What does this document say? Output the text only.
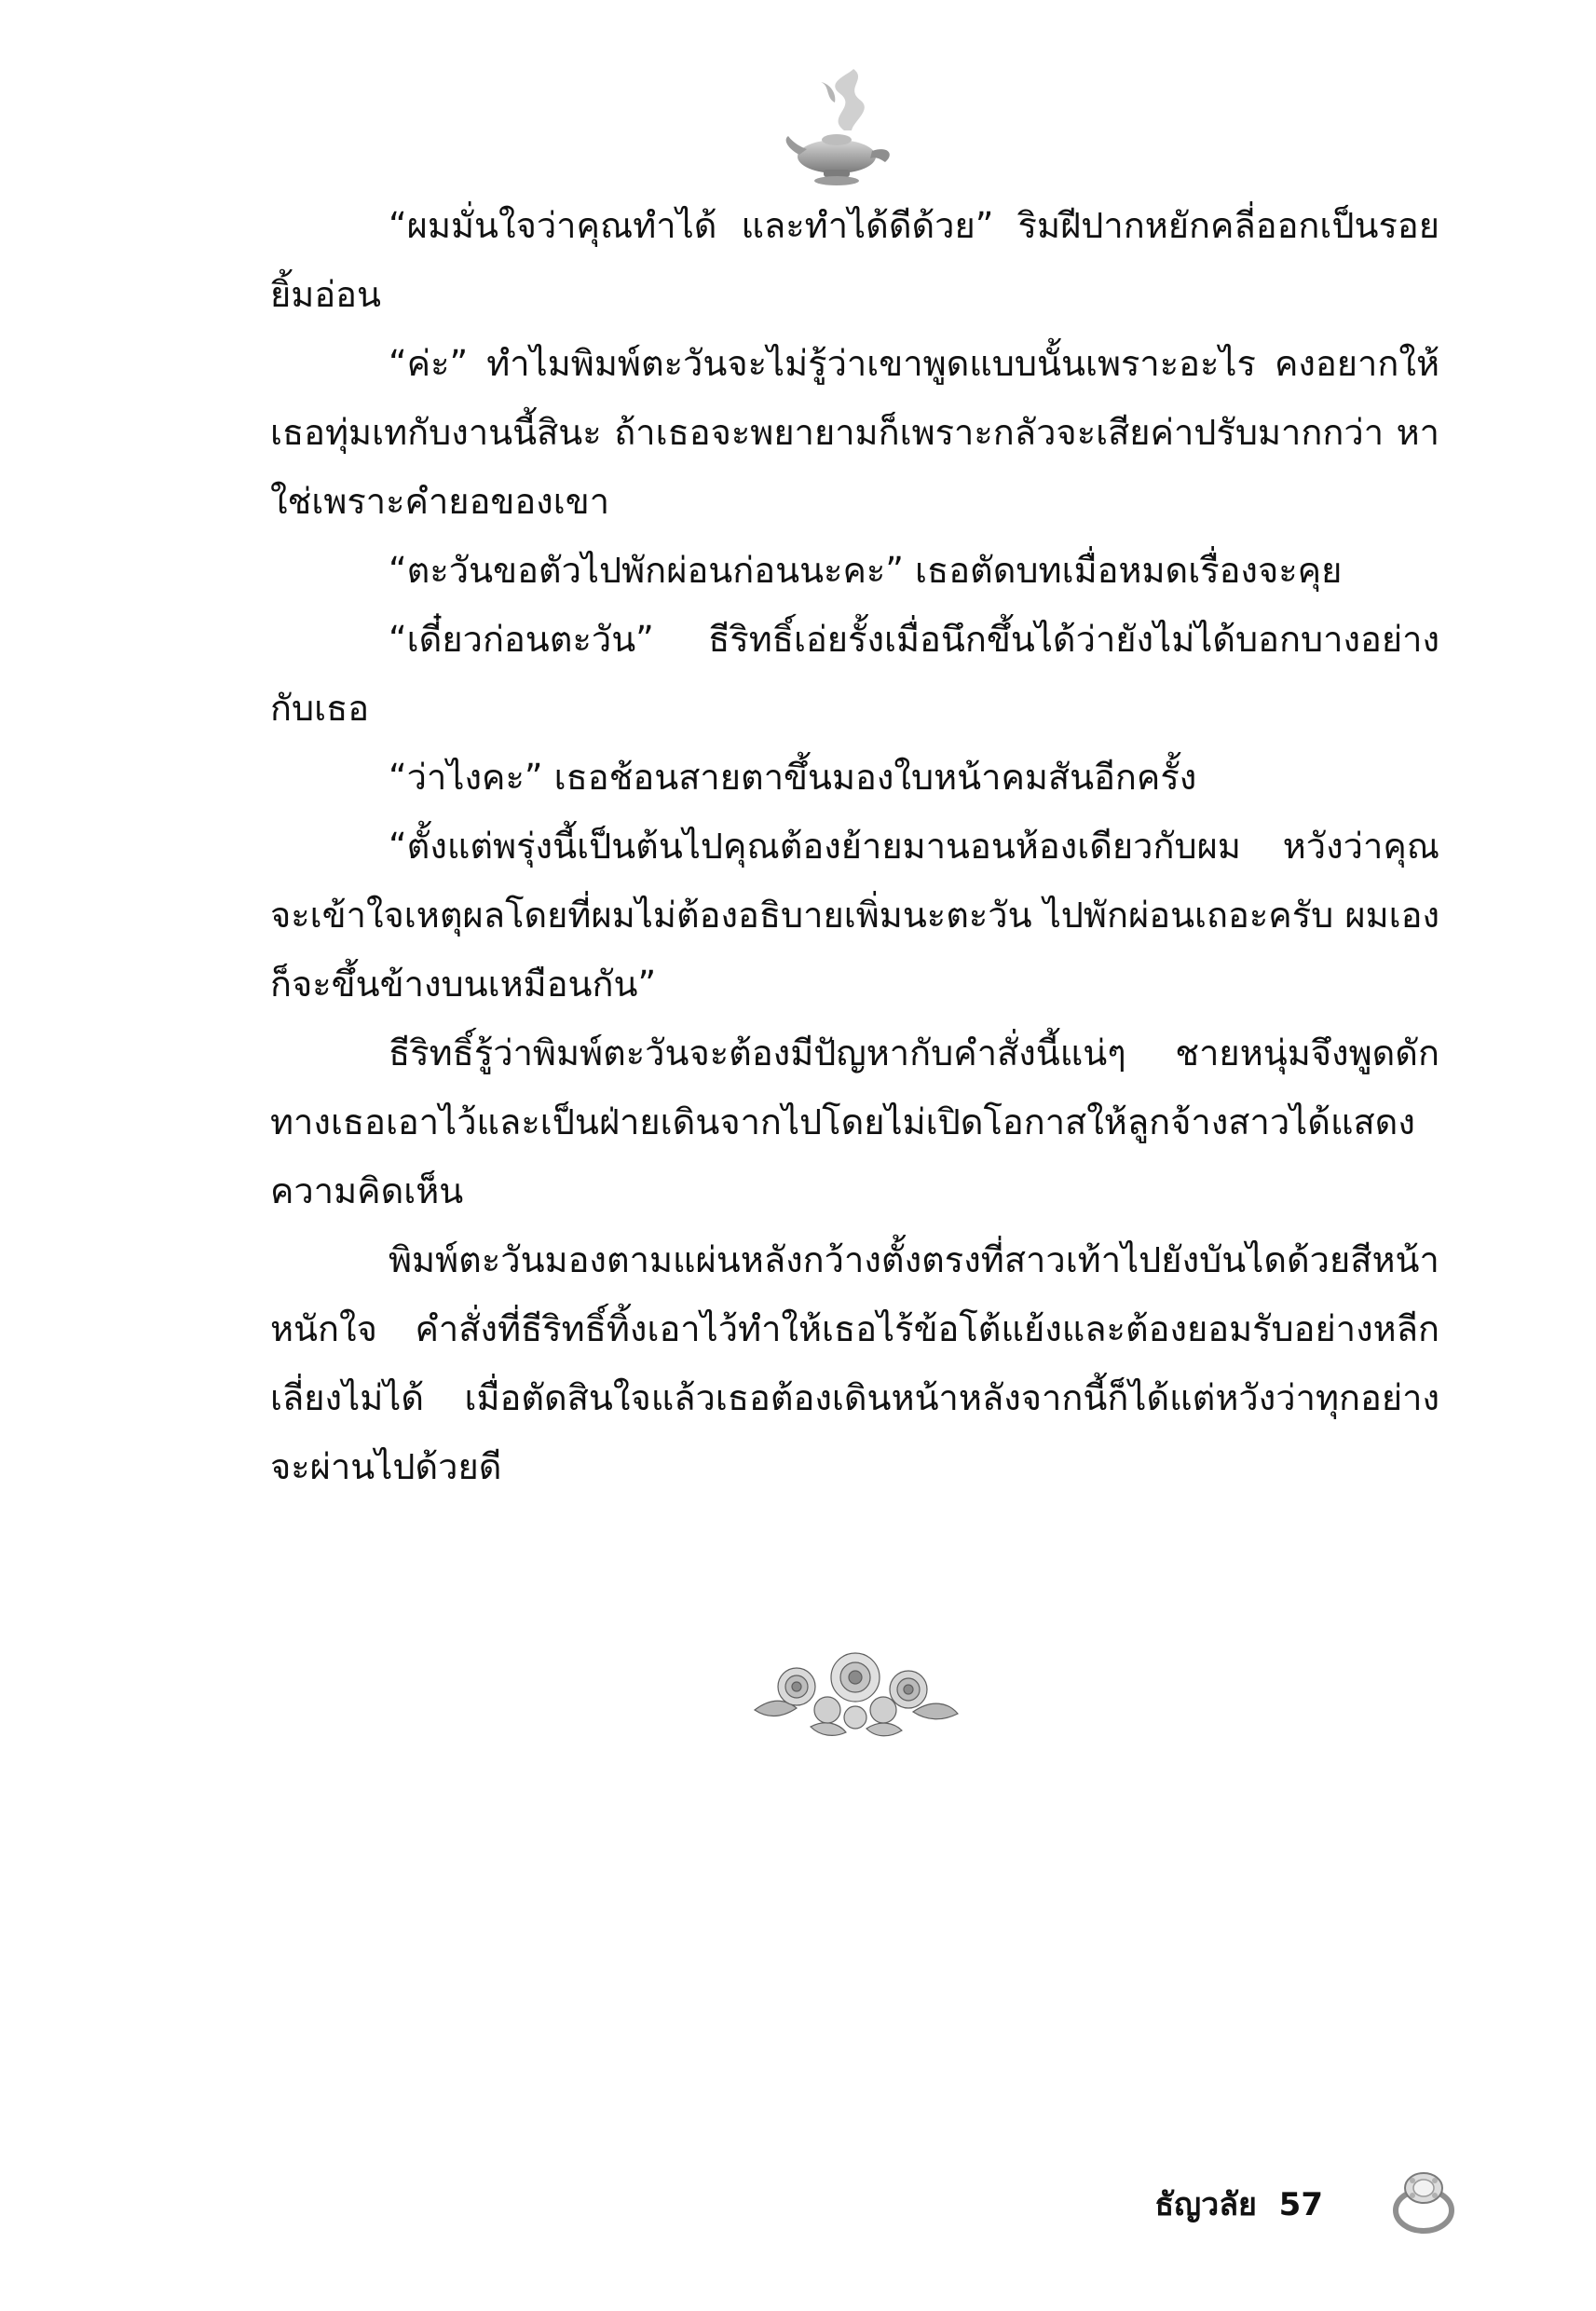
“ผมมั่นใจว่าคุณทำได้ และทำได้ดีด้วย” ริมฝีปากหยักคลี่ออกเป็นรอยยิ้มอ่อน

“ค่ะ” ทำไมพิมพ์ตะวันจะไม่รู้ว่าเขาพูดแบบนั้นเพราะอะไร คงอยากให้เธอทุ่มเทกับงานนี้สินะ ถ้าเธอจะพยายามก็เพราะกลัวจะเสียค่าปรับมากกว่า หาใช่เพราะคำยอของเขา

“ตะวันขอตัวไปพักผ่อนก่อนนะคะ” เธอตัดบทเมื่อหมดเรื่องจะคุย

“เดี๋ยวก่อนตะวัน” ธีริทธิ์เอ่ยรั้งเมื่อนึกขึ้นได้ว่ายังไม่ได้บอกบางอย่างกับเธอ

“ว่าไงคะ” เธอช้อนสายตาขึ้นมองใบหน้าคมสันอีกครั้ง

“ตั้งแต่พรุ่งนี้เป็นต้นไปคุณต้องย้ายมานอนห้องเดียวกับผม หวังว่าคุณจะเข้าใจเหตุผลโดยที่ผมไม่ต้องอธิบายเพิ่มนะตะวัน ไปพักผ่อนเถอะครับ ผมเองก็จะขึ้นข้างบนเหมือนกัน”

ธีริทธิ์รู้ว่าพิมพ์ตะวันจะต้องมีปัญหากับคำสั่งนี้แน่ๆ ชายหนุ่มจึงพูดดักทางเธอเอาไว้และเป็นฝ่ายเดินจากไปโดยไม่เปิดโอกาสให้ลูกจ้างสาวได้แสดงความคิดเห็น

พิมพ์ตะวันมองตามแผ่นหลังกว้างตั้งตรงที่สาวเท้าไปยังบันไดด้วยสีหน้าหนักใจ คำสั่งที่ธีริทธิ์ทิ้งเอาไว้ทำให้เธอไร้ข้อโต้แย้งและต้องยอมรับอย่างหลีกเลี่ยงไม่ได้ เมื่อตัดสินใจแล้วเธอต้องเดินหน้าหลังจากนี้ก็ได้แต่หวังว่าทุกอย่างจะผ่านไปด้วยดี

ธัญวลัย 57
